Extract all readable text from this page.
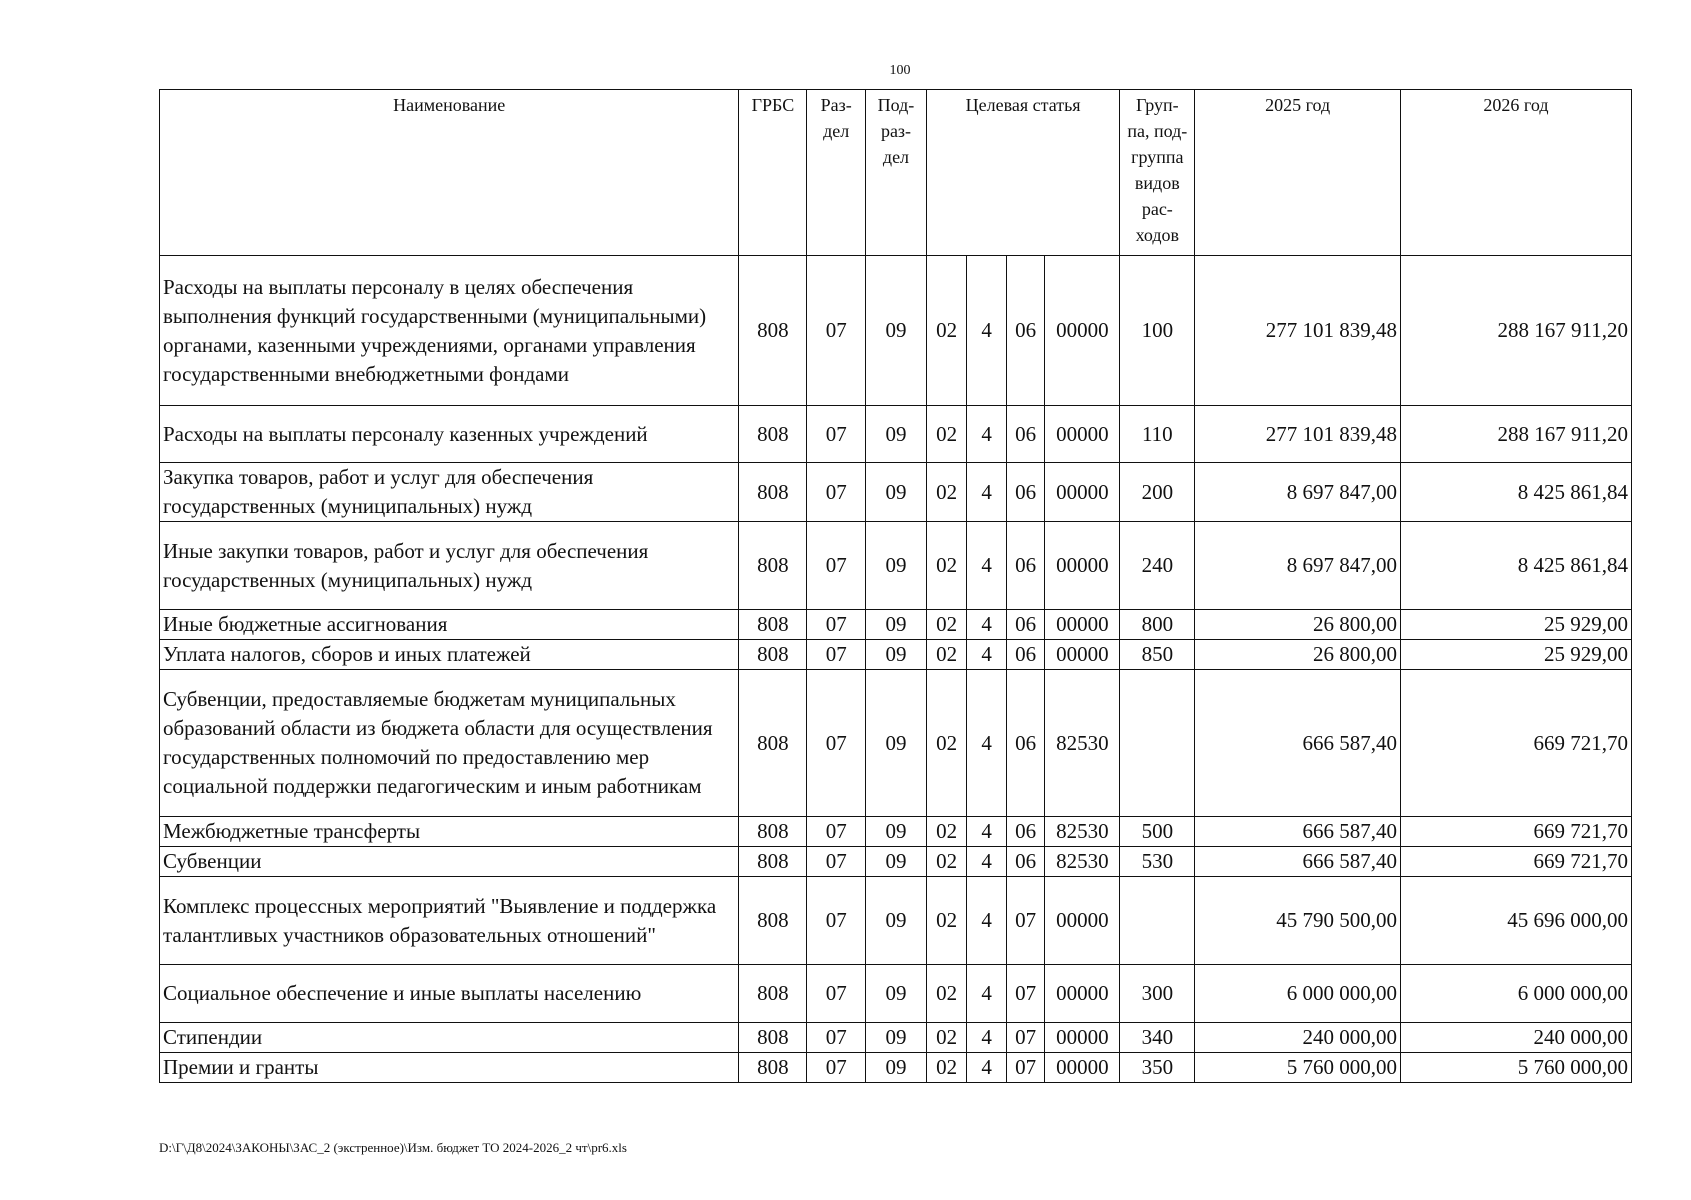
100
Наименование	ГРБС	Раз- дел	Под- раз- дел	Целевая статья				Груп- па, под- группа видов рас- ходов	2025 год	2026 год
Расходы на выплаты персоналу в целях обеспечения выполнения функций государственными (муниципальными) органами, казенными учреждениями, органами управления государственными внебюджетными фондами	808	07	09	02	4	06	00000	100	277 101 839,48	288 167 911,20
Расходы на выплаты персоналу казенных учреждений	808	07	09	02	4	06	00000	110	277 101 839,48	288 167 911,20
Закупка товаров, работ и услуг для обеспечения государственных (муниципальных) нужд	808	07	09	02	4	06	00000	200	8 697 847,00	8 425 861,84
Иные закупки товаров, работ и услуг для обеспечения государственных (муниципальных) нужд	808	07	09	02	4	06	00000	240	8 697 847,00	8 425 861,84
Иные бюджетные ассигнования	808	07	09	02	4	06	00000	800	26 800,00	25 929,00
Уплата налогов, сборов и иных платежей	808	07	09	02	4	06	00000	850	26 800,00	25 929,00
Субвенции, предоставляемые бюджетам муниципальных образований области из бюджета области для осуществления государственных полномочий по предоставлению мер социальной поддержки педагогическим и иным работникам	808	07	09	02	4	06	82530		666 587,40	669 721,70
Межбюджетные трансферты	808	07	09	02	4	06	82530	500	666 587,40	669 721,70
Субвенции	808	07	09	02	4	06	82530	530	666 587,40	669 721,70
Комплекс процессных мероприятий "Выявление и поддержка талантливых участников образовательных отношений"	808	07	09	02	4	07	00000		45 790 500,00	45 696 000,00
Социальное обеспечение и иные выплаты населению	808	07	09	02	4	07	00000	300	6 000 000,00	6 000 000,00
Стипендии	808	07	09	02	4	07	00000	340	240 000,00	240 000,00
Премии и гранты	808	07	09	02	4	07	00000	350	5 760 000,00	5 760 000,00
D:\Г\Д8\2024\ЗАКОНЫ\ЗАС_2 (экстренное)\Изм. бюджет ТО 2024-2026_2 чт\pr6.xls
